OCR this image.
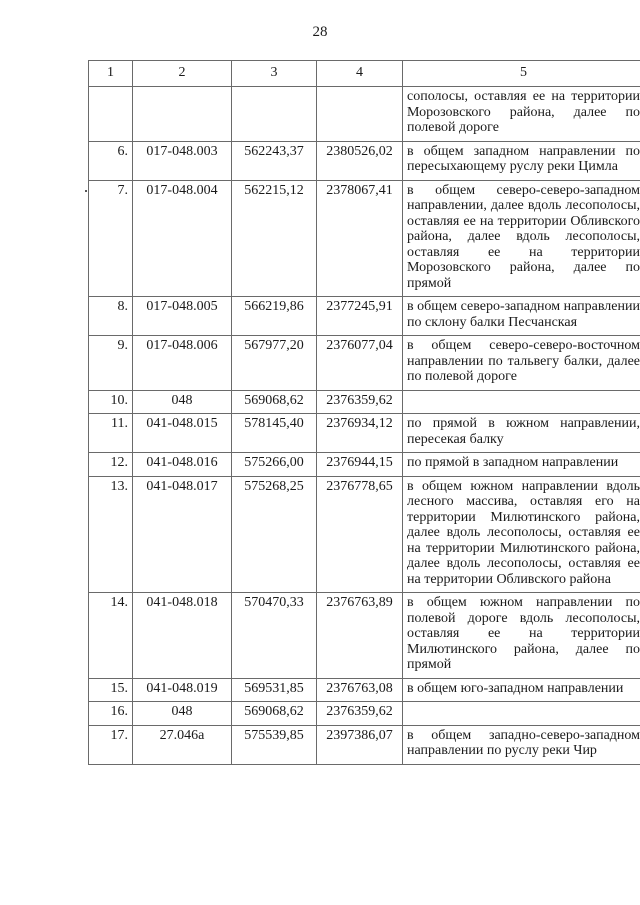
28
1	2	3	4	5
				сополосы, оставляя ее на территории Морозовского района, далее по полевой дороге
6.	017-048.003	562243,37	2380526,02	в общем западном направлении по пересыхающему руслу реки Цимла
7.	017-048.004	562215,12	2378067,41	в общем северо-северо-западном направлении, далее вдоль лесополосы, оставляя ее на территории Обливского района, далее вдоль лесополосы, оставляя ее на территории Морозовского района, далее по прямой
8.	017-048.005	566219,86	2377245,91	в общем северо-западном направлении по склону балки Песчанская
9.	017-048.006	567977,20	2376077,04	в общем северо-северо-восточном направлении по тальвегу балки, далее по полевой дороге
10.	048	569068,62	2376359,62	
11.	041-048.015	578145,40	2376934,12	по прямой в южном направлении, пересекая балку
12.	041-048.016	575266,00	2376944,15	по прямой в западном направлении
13.	041-048.017	575268,25	2376778,65	в общем южном направлении вдоль лесного массива, оставляя его на территории Милютинского района, далее вдоль лесополосы, оставляя ее на территории Милютинского района, далее вдоль лесополосы, оставляя ее на территории Обливского района
14.	041-048.018	570470,33	2376763,89	в общем южном направлении по полевой дороге вдоль лесополосы, оставляя ее на территории Милютинского района, далее по прямой
15.	041-048.019	569531,85	2376763,08	в общем юго-западном направлении
16.	048	569068,62	2376359,62	
17.	27.046а	575539,85	2397386,07	в общем западно-северо-западном направлении по руслу реки Чир
